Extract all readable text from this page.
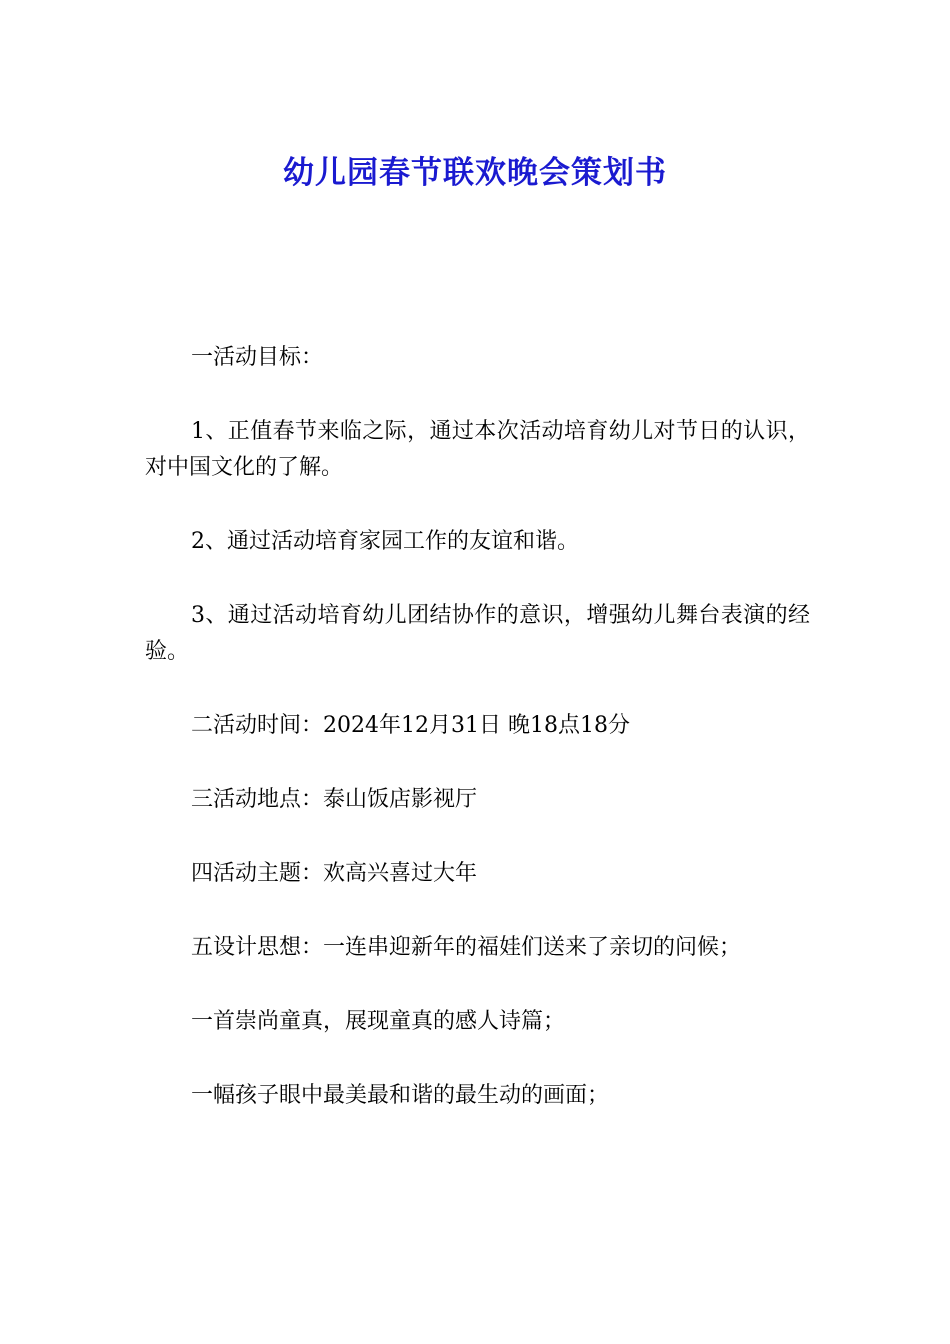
幼儿园春节联欢晚会策划书

一活动目标：

1、正值春节来临之际，通过本次活动培育幼儿对节日的认识，对中国文化的了解。

2、通过活动培育家园工作的友谊和谐。

3、通过活动培育幼儿团结协作的意识，增强幼儿舞台表演的经验。

二活动时间：2024年12月31日 晚18点18分

三活动地点：泰山饭店影视厅

四活动主题：欢高兴喜过大年

五设计思想：一连串迎新年的福娃们送来了亲切的问候；

一首崇尚童真，展现童真的感人诗篇；

一幅孩子眼中最美最和谐的最生动的画面；
